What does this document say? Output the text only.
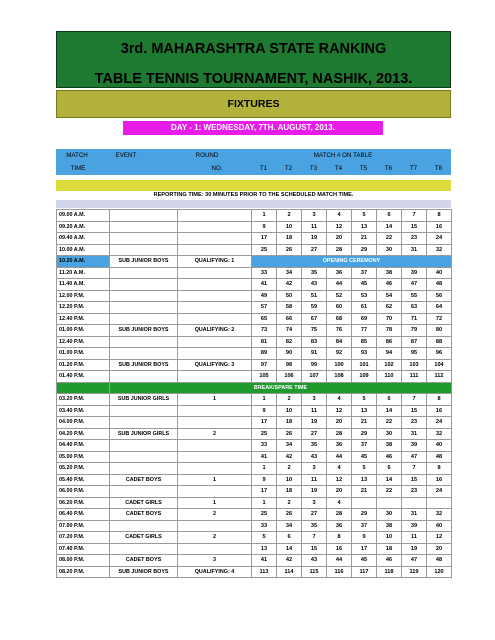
3rd. MAHARASHTRA STATE RANKING
TABLE TENNIS TOURNAMENT, NASHIK, 2013.
FIXTURES
DAY - 1: WEDNESDAY, 7TH. AUGUST, 2013.
MATCH
TIME
EVENT	ROUND
NO.
MATCH # ON TABLE
T1	T2	T3	T4	T5	T6	T7	T8
REPORTING TIME: 30 MINUTES PRIOR TO THE SCHEDULED MATCH TIME.
09.00 A.M.			1	2	3	4	5	6	7	8
09.20 A.M.			9	10	11	12	13	14	15	16
09.40 A.M.			17	18	19	20	21	22	23	24
10.00 A.M.			25	26	27	28	29	30	31	32
10.20 A.M.	SUB JUNIOR BOYS	QUALIFYING: 1	OPENING CEREMONY							
11.20 A.M.			33	34	35	36	37	38	39	40
11.40 A.M.			41	42	43	44	45	46	47	48
12.00 P.M.			49	50	51	52	53	54	55	56
12.20 P.M.			57	58	59	60	61	62	63	64
12.40 P.M.			65	66	67	68	69	70	71	72
01.00 P.M.	SUB JUNIOR BOYS	QUALIFYING: 2	73	74	75	76	77	78	79	80
12.40 P.M.			81	82	83	84	85	86	87	88
01.00 P.M.			89	90	91	92	93	94	95	96
01.20 P.M.	SUB JUNIOR BOYS	QUALIFYING: 3	97	98	99	100	101	102	103	104
01.40 P.M.			105	106	107	108	109	110	111	112
	BREAK/SPARE TIME									
03.20 P.M.	SUB JUNIOR GIRLS	1	1	2	3	4	5	6	7	8
03.40 P.M.			9	10	11	12	13	14	15	16
04.00 P.M.			17	18	19	20	21	22	23	24
04.20 P.M.	SUB JUNIOR GIRLS	2	25	26	27	28	29	30	31	32
04.40 P.M.			33	34	35	36	37	38	39	40
05.00 P.M.			41	42	43	44	45	46	47	48
05.20 P.M.			1	2	3	4	5	6	7	8
05.40 P.M.	CADET BOYS	1	9	10	11	12	13	14	15	16
06.00 P.M.			17	18	19	20	21	22	23	24
06.20 P.M.	CADET GIRLS	1	1	2	3	4				
06.40 P.M.	CADET BOYS	2	25	26	27	28	29	30	31	32
07.00 P.M.			33	34	35	36	37	38	39	40
07.20 P.M.	CADET GIRLS	2	5	6	7	8	9	10	11	12
07.40 P.M.			13	14	15	16	17	18	19	20
08.00 P.M.	CADET BOYS	3	41	42	43	44	45	46	47	48
08.20 P.M.	SUB JUNIOR BOYS	QUALIFYING: 4	113	114	115	116	117	118	119	120
